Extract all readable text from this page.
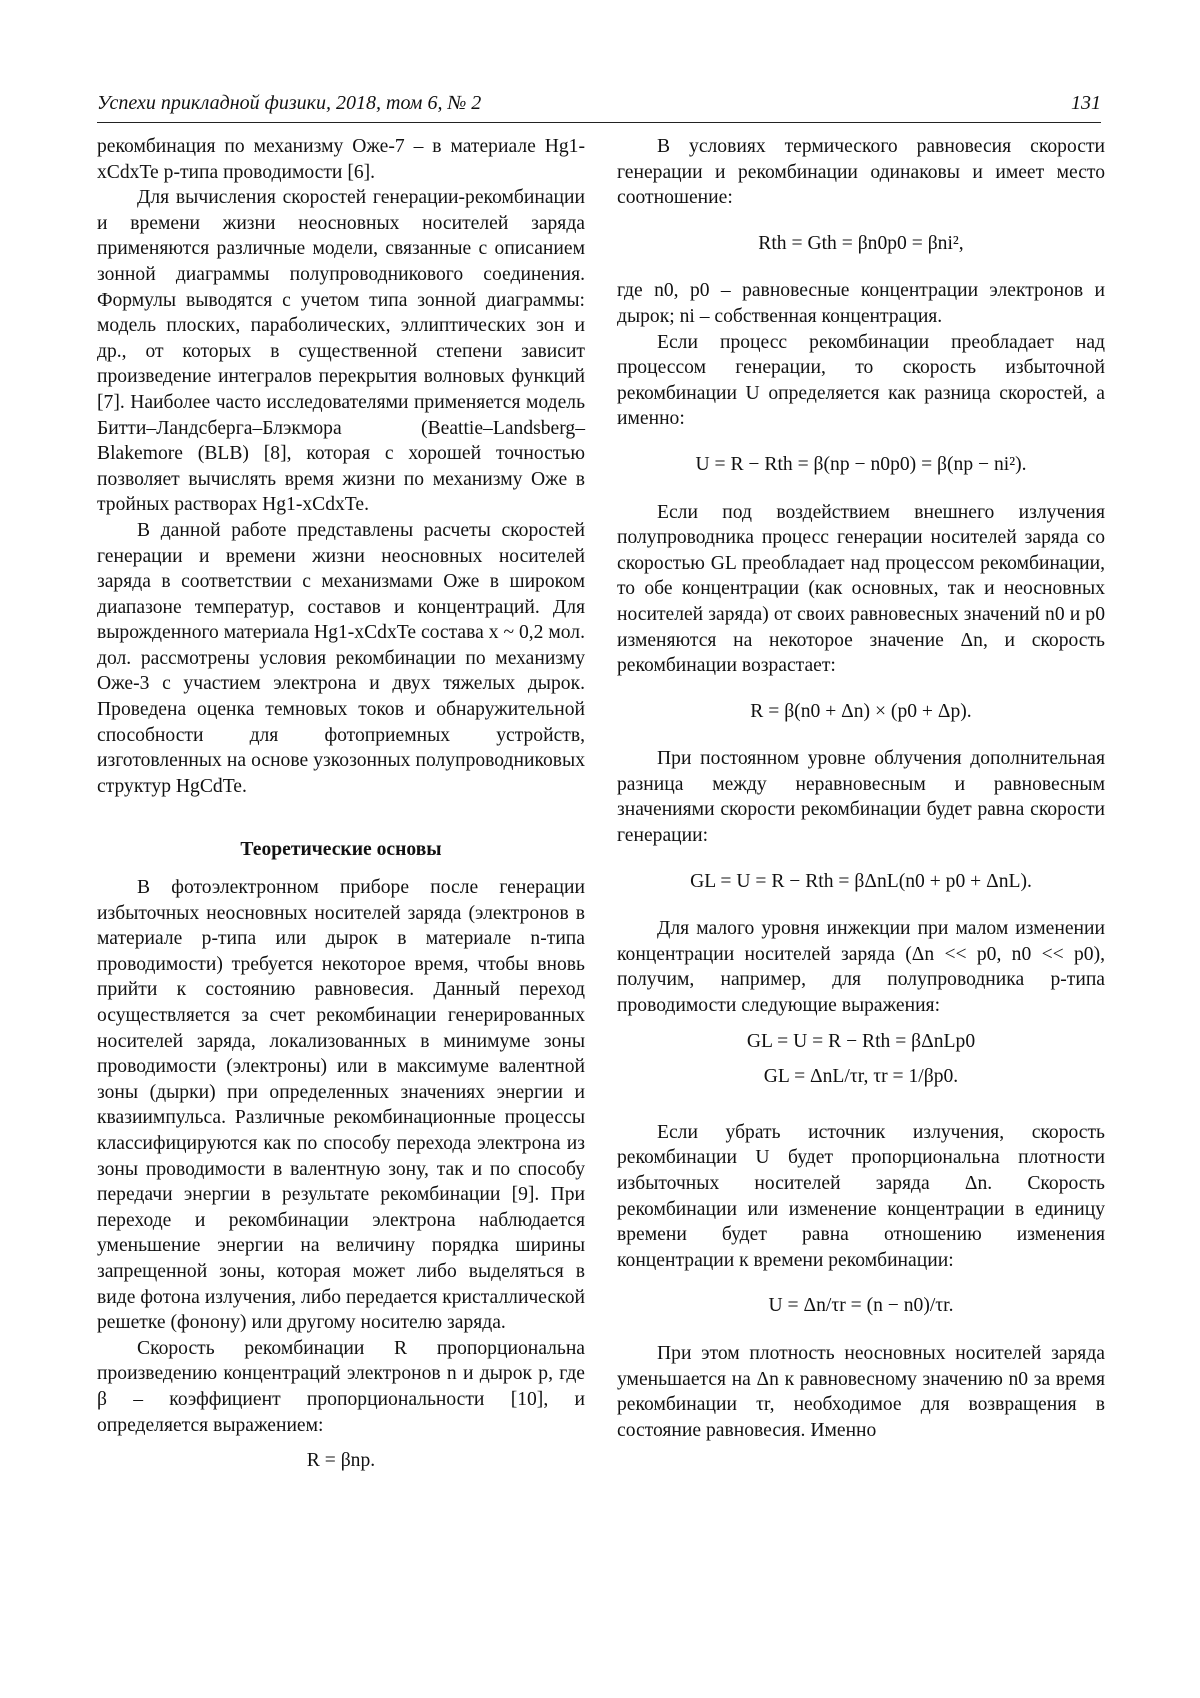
Успехи прикладной физики, 2018, том 6, № 2	131

рекомбинация по механизму Оже-7 – в материале Hg1-xCdxTe p-типа проводимости [6].

Для вычисления скоростей генерации-рекомбинации и времени жизни неосновных носителей заряда применяются различные модели, связанные с описанием зонной диаграммы полупроводникового соединения. Формулы выводятся с учетом типа зонной диаграммы: модель плоских, параболических, эллиптических зон и др., от которых в существенной степени зависит произведение интегралов перекрытия волновых функций [7]. Наиболее часто исследователями применяется модель Битти–Ландсберга–Блэкмора (Beattie–Landsberg–Blakemore (BLB) [8], которая с хорошей точностью позволяет вычислять время жизни по механизму Оже в тройных растворах Hg1-xCdxTe.

В данной работе представлены расчеты скоростей генерации и времени жизни неосновных носителей заряда в соответствии с механизмами Оже в широком диапазоне температур, составов и концентраций. Для вырожденного материала Hg1-xCdxTe состава x ~ 0,2 мол. дол. рассмотрены условия рекомбинации по механизму Оже-3 с участием электрона и двух тяжелых дырок. Проведена оценка темновых токов и обнаружительной способности для фотоприемных устройств, изготовленных на основе узкозонных полупроводниковых структур HgCdTe.

Теоретические основы

В фотоэлектронном приборе после генерации избыточных неосновных носителей заряда (электронов в материале p-типа или дырок в материале n-типа проводимости) требуется некоторое время, чтобы вновь прийти к состоянию равновесия. Данный переход осуществляется за счет рекомбинации генерированных носителей заряда, локализованных в минимуме зоны проводимости (электроны) или в максимуме валентной зоны (дырки) при определенных значениях энергии и квазиимпульса. Различные рекомбинационные процессы классифицируются как по способу перехода электрона из зоны проводимости в валентную зону, так и по способу передачи энергии в результате рекомбинации [9]. При переходе и рекомбинации электрона наблюдается уменьшение энергии на величину порядка ширины запрещенной зоны, которая может либо выделяться в виде фотона излучения, либо передается кристаллической решетке (фонону) или другому носителю заряда.

Скорость рекомбинации R пропорциональна произведению концентраций электронов n и дырок p, где β – коэффициент пропорциональности [10], и определяется выражением:

R = βnp.

В условиях термического равновесия скорости генерации и рекомбинации одинаковы и имеет место соотношение:

Rth = Gth = βn0p0 = βni²,

где n0, p0 – равновесные концентрации электронов и дырок; ni – собственная концентрация.

Если процесс рекомбинации преобладает над процессом генерации, то скорость избыточной рекомбинации U определяется как разница скоростей, а именно:

U = R − Rth = β(np − n0p0) = β(np − ni²).

Если под воздействием внешнего излучения полупроводника процесс генерации носителей заряда со скоростью GL преобладает над процессом рекомбинации, то обе концентрации (как основных, так и неосновных носителей заряда) от своих равновесных значений n0 и p0 изменяются на некоторое значение Δn, и скорость рекомбинации возрастает:

R = β(n0 + Δn) × (p0 + Δp).

При постоянном уровне облучения дополнительная разница между неравновесным и равновесным значениями скорости рекомбинации будет равна скорости генерации:

GL = U = R − Rth = βΔnL(n0 + p0 + ΔnL).

Для малого уровня инжекции при малом изменении концентрации носителей заряда (Δn << p0, n0 << p0), получим, например, для полупроводника p-типа проводимости следующие выражения:

GL = U = R − Rth = βΔnLp0
GL = ΔnL/τr, τr = 1/βp0.

Если убрать источник излучения, скорость рекомбинации U будет пропорциональна плотности избыточных носителей заряда Δn. Скорость рекомбинации или изменение концентрации в единицу времени будет равна отношению изменения концентрации к времени рекомбинации:

U = Δn/τr = (n − n0)/τr.

При этом плотность неосновных носителей заряда уменьшается на Δn к равновесному значению n0 за время рекомбинации τr, необходимое для возвращения в состояние равновесия. Именно
